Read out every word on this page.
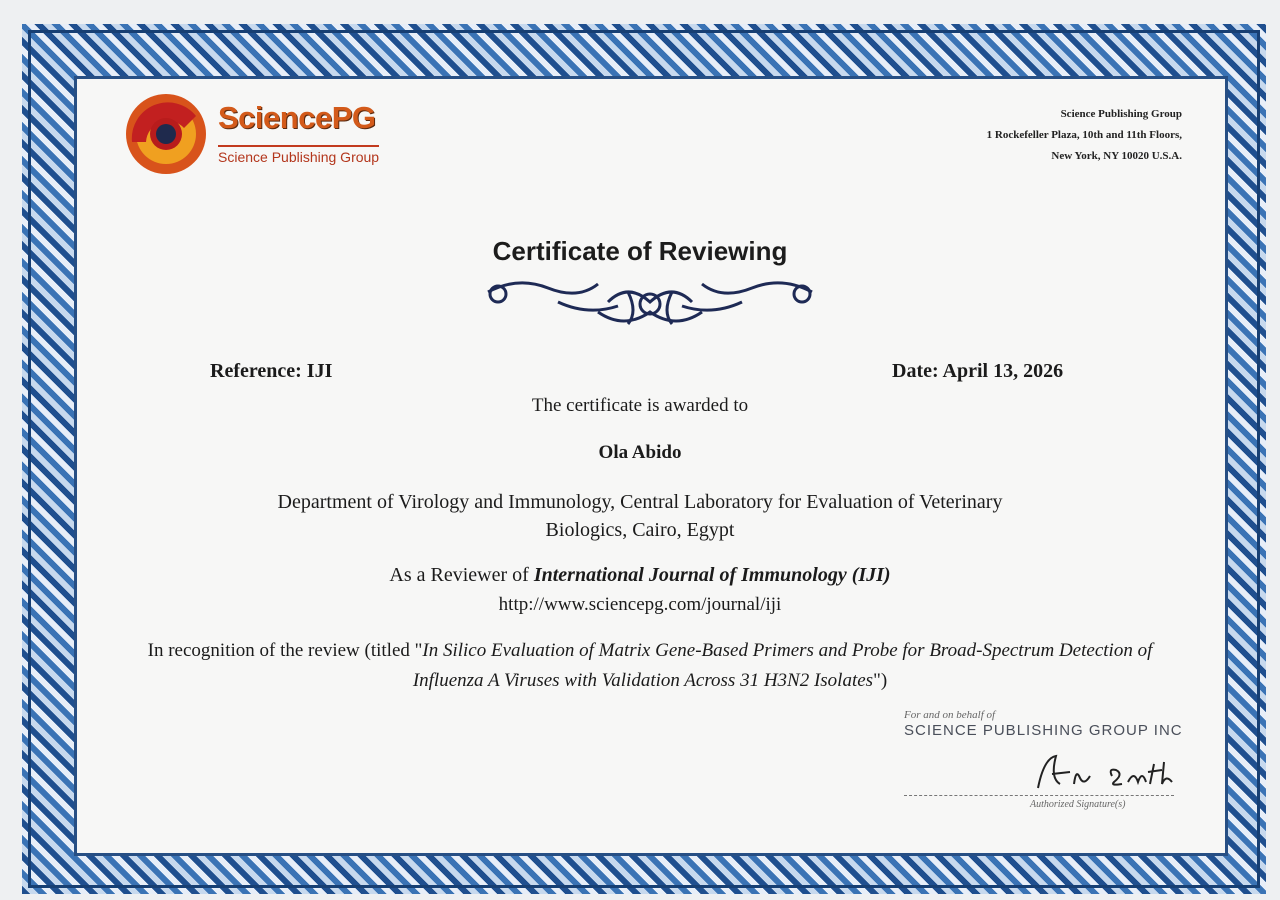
SciencePG
Science Publishing Group
Science Publishing Group
1 Rockefeller Plaza, 10th and 11th Floors,
New York, NY 10020 U.S.A.
Certificate of Reviewing
Reference: IJI	Date: April 13, 2026
The certificate is awarded to
Ola Abido
Department of Virology and Immunology, Central Laboratory for Evaluation of Veterinary
Biologics, Cairo, Egypt
As a Reviewer of International Journal of Immunology (IJI)
http://www.sciencepg.com/journal/iji
In recognition of the review (titled "In Silico Evaluation of Matrix Gene-Based Primers and Probe for Broad-Spectrum Detection of Influenza A Viruses with Validation Across 31 H3N2 Isolates")
For and on behalf of
SCIENCE PUBLISHING GROUP INC
Authorized Signature(s)
